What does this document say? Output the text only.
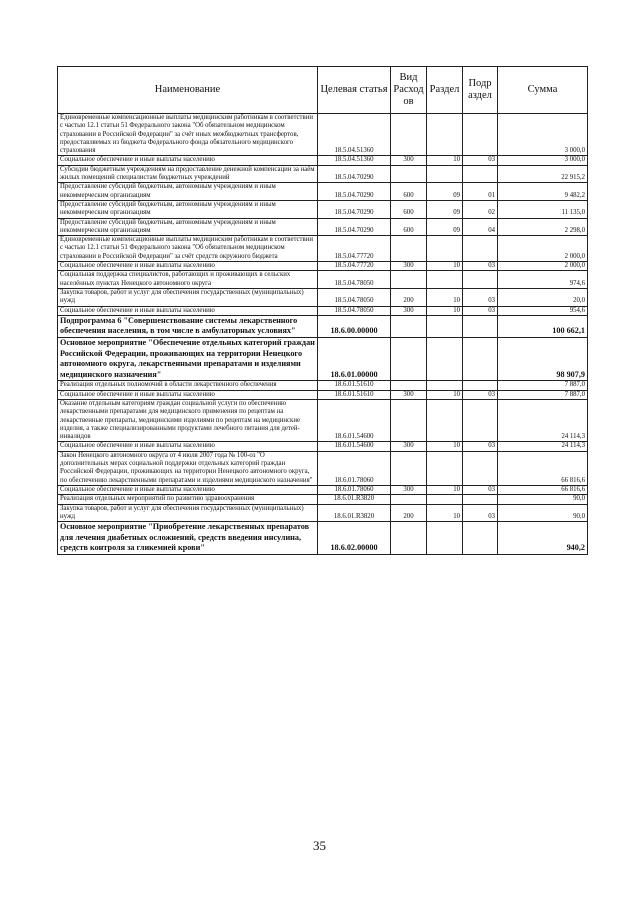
Наименование	Целевая статья	Вид Расход ов	Раздел	Подр аздел	Сумма
Единовременные компенсационные выплаты медицинским работникам в соответствии с частью 12.1 статьи 51 Федерального закона "Об обязательном медицинском страховании в Российской Федерации" за счёт иных межбюджетных трансфертов, предоставляемых из бюджета Федерального фонда обязательного медицинского страхования	18.5.04.51360				3 000,0
Социальное обеспечение и иные выплаты населению	18.5.04.51360	300	10	03	3 000,0
Субсидии бюджетным учреждениям на предоставление денежной компенсации за наём жилых помещений специалистам бюджетных учреждений	18.5.04.70290				22 915,2
Предоставление субсидий бюджетным, автономным учреждениям и иным некоммерческим организациям	18.5.04.70290	600	09	01	9 482,2
Предоставление субсидий бюджетным, автономным учреждениям и иным некоммерческим организациям	18.5.04.70290	600	09	02	11 135,0
Предоставление субсидий бюджетным, автономным учреждениям и иным некоммерческим организациям	18.5.04.70290	600	09	04	2 298,0
Единовременные компенсационные выплаты медицинским работникам в соответствии с частью 12.1 статьи 51 Федерального закона "Об обязательном медицинском страховании в Российской Федерации" за счёт средств окружного бюджета	18.5.04.77720				2 000,0
Социальное обеспечение и иные выплаты населению	18.5.04.77720	300	10	03	2 000,0
Социальная поддержка специалистов, работающих и проживающих в сельских населённых пунктах Ненецкого автономного округа	18.5.04.78050				974,6
Закупка товаров, работ и услуг для обеспечения государственных (муниципальных) нужд	18.5.04.78050	200	10	03	20,0
Социальное обеспечение и иные выплаты населению	18.5.04.78050	300	10	03	954,6
Подпрограмма 6 "Совершенствование системы лекарственного обеспечения населения, в том числе в амбулаторных условиях"	18.6.00.00000				100 662,1
Основное мероприятие "Обеспечение отдельных категорий граждан Российской Федерации, проживающих на территории Ненецкого автономного округа, лекарственными препаратами и изделиями медицинского назначения"	18.6.01.00000				98 907,9
Реализация отдельных полномочий в области лекарственного обеспечения	18.6.01.51610				7 887,0
Социальное обеспечение и иные выплаты населению	18.6.01.51610	300	10	03	7 887,0
Оказание отдельным категориям граждан социальной услуги по обеспечению лекарственными препаратами для медицинского применения по рецептам на лекарственные препараты, медицинскими изделиями по рецептам на медицинские изделия, а также специализированными продуктами лечебного питания для детей-инвалидов	18.6.01.54600				24 114,3
Социальное обеспечение и иные выплаты населению	18.6.01.54600	300	10	03	24 114,3
Закон Ненецкого автономного округа от 4 июля 2007 года № 100-оз "О дополнительных мерах социальной поддержки отдельных категорий граждан Российской Федерации, проживающих на территории Ненецкого автономного округа, по обеспечению лекарственными препаратами и изделиями медицинского назначения"	18.6.01.78060				66 816,6
Социальное обеспечение и иные выплаты населению	18.6.01.78060	300	10	03	66 816,6
Реализация отдельных мероприятий по развитию здравоохранения	18.6.01.R3820				90,0
Закупка товаров, работ и услуг для обеспечения государственных (муниципальных) нужд	18.6.01.R3820	200	10	03	90,0
Основное мероприятие "Приобретение лекарственных препаратов для лечения диабетных осложнений, средств введения инсулина, средств контроля за гликемией крови"	18.6.02.00000				940,2
35
